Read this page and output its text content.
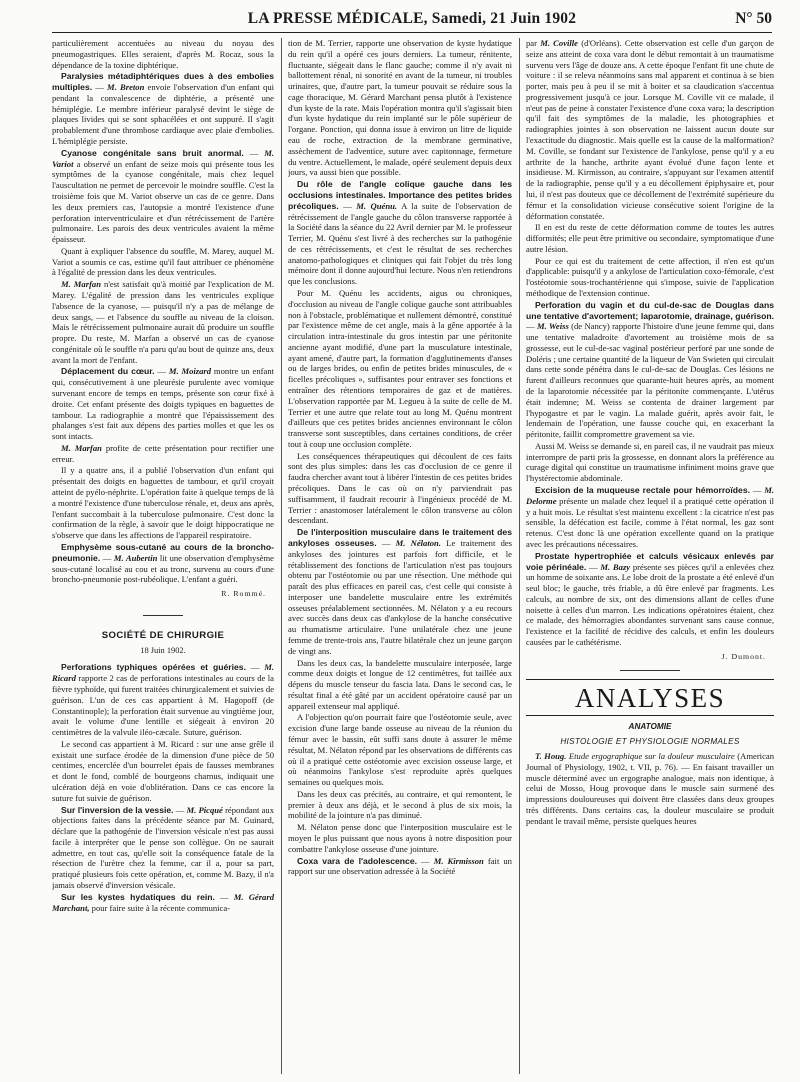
LA PRESSE MÉDICALE, Samedi, 21 Juin 1902	N° 50

particulièrement accentuées au niveau du noyau des pneumogastriques. Elles seraient, d'après M. Rocaz, sous la dépendance de la toxine diphtérique.

Paralysies métadiphtériques dues à des embolies multiples. — M. Breton envoie l'observation d'un enfant qui pendant la convalescence de diphtérie, a présenté une hémiplégie. Le membre inférieur paralysé devint le siège de plaques livides qui se sont sphacélées et ont suppuré. Il s'agit probablement d'une thrombose cardiaque avec plaie d'embolies. L'hémiplégie persiste.

Cyanose congénitale sans bruit anormal. — M. Variot a observé un enfant de seize mois qui présente tous les symptômes de la cyanose congénitale, mais chez lequel l'auscultation ne permet de percevoir le moindre souffle. C'est la troisième fois que M. Variot observe un cas de ce genre. Dans les deux premiers cas, l'autopsie a montré l'existence d'une perforation interventriculaire et d'un rétrécissement de l'artère pulmonaire. Les parois des deux ventricules avaient la même épaisseur.

Quant à expliquer l'absence du souffle, M. Marey, auquel M. Variot a soumis ce cas, estime qu'il faut attribuer ce phénomène à l'égalité de pression dans les deux ventricules.

M. Marfan n'est satisfait qu'à moitié par l'explication de M. Marey. L'égalité de pression dans les ventricules explique l'absence de la cyanose, — puisqu'il n'y a pas de mélange de deux sangs, — et l'absence du souffle au niveau de la cloison. Mais le rétrécissement pulmonaire aurait dû produire un souffle propre. Du reste, M. Marfan a observé un cas de cyanose congénitale où le souffle n'a paru qu'au bout de quinze ans, deux avant la mort de l'enfant.

Déplacement du cœur. — M. Moizard montre un enfant qui, consécutivement à une pleurésie purulente avec vomique survenant encore de temps en temps, présente son cœur fixé à droite. Cet enfant présente des doigts typiques en baguettes de tambour. La radiographie a montré que l'épaississement des phalanges s'est fait aux dépens des parties molles et que les os sont intacts.

M. Marfan profite de cette présentation pour rectifier une erreur.

Il y a quatre ans, il a publié l'observation d'un enfant qui présentait des doigts en baguettes de tambour, et qu'il croyait atteint de pyélo-néphrite. L'opération faite à quelque temps de là a montré l'existence d'une tuberculose rénale, et, deux ans après, l'enfant succombait à la tuberculose pulmonaire. C'est donc la confirmation de la règle, à savoir que le doigt hippocratique ne s'observe que dans les affections de l'appareil respiratoire.

Emphysème sous-cutané au cours de la broncho-pneumonie. — M. Aubertin lit une observation d'emphysème sous-cutané localisé au cou et au tronc, survenu au cours d'une broncho-pneumonie post-rubéolique. L'enfant a guéri.

R. Rommé.
SOCIÉTÉ DE CHIRURGIE
18 Juin 1902.

Perforations typhiques opérées et guéries. — M. Ricard rapporte 2 cas de perforations intestinales au cours de la fièvre typhoïde, qui furent traitées chirurgicalement et suivies de guérison. L'un de ces cas appartient à M. Hagopoff (de Constantinople); la perforation était survenue au vingtième jour, avait le volume d'une lentille et siégeait à environ 20 centimètres de la valvule iléo-cæcale. Suture, guérison.

Le second cas appartient à M. Ricard : sur une anse grêle il existait une surface érodée de la dimension d'une pièce de 50 centimes, encerclée d'un bourrelet épais de fausses membranes et dont le fond, comblé de bourgeons charnus, indiquait une ulcération déjà en voie d'oblitération. Dans ce cas encore la suture fut suivie de guérison.

Sur l'inversion de la vessie. — M. Picqué répondant aux objections faites dans la précédente séance par M. Guinard, déclare que la pathogénie de l'inversion vésicale n'est pas aussi facile à interpréter que le pense son collègue. On ne saurait admettre, en tout cas, qu'elle soit la conséquence fatale de la résection de l'urètre chez la femme, car il a, pour sa part, pratiqué plusieurs fois cette opération, et, comme M. Bazy, il n'a jamais observé d'inversion vésicale.

Sur les kystes hydatiques du rein. — M. Gérard Marchant, pour faire suite à la récente communica-

tion de M. Terrier, rapporte une observation de kyste hydatique du rein qu'il a opéré ces jours derniers. La tumeur, rénitente, fluctuante, siégeait dans le flanc gauche; comme il n'y avait ni ballottement rénal, ni sonorité en avant de la tumeur, ni troubles urinaires, que, d'autre part, la tumeur pouvait se réduire sous la cage thoracique, M. Gérard Marchant pensa plutôt à l'existence d'un kyste de la rate. Mais l'opération montra qu'il s'agissait bien d'un kyste hydatique du rein implanté sur le pôle supérieur de l'organe. Ponction, qui donna issue à environ un litre de liquide eau de roche, extraction de la membrane germinative, assèchement de l'adventice, suture avec capitonnage, fermeture du ventre. Actuellement, le malade, opéré seulement depuis deux jours, va aussi bien que possible.

Du rôle de l'angle colique gauche dans les occlusions intestinales. Importance des petites brides précoliques. — M. Quénu. A la suite de l'observation de rétrécissement de l'angle gauche du côlon transverse rapportée à la Société dans la séance du 22 Avril dernier par M. le professeur Terrier, M. Quénu s'est livré à des recherches sur la pathogénie de ces rétrécissements, et c'est le résultat de ses recherches anatomo-pathologiques et cliniques qui fait l'objet du très long mémoire dont il donne aujourd'hui lecture. Nous n'en retiendrons que les conclusions.

Pour M. Quénu les accidents, aigus ou chroniques, d'occlusion au niveau de l'angle colique gauche sont attribuables non à l'obstacle, problématique et nullement démontré, constitué par l'existence même de cet angle, mais à la gêne apportée à la circulation intra-intestinale du gros intestin par une péritonite ancienne ayant modifié, d'une part la musculature intestinale, ayant amené, d'autre part, la formation d'agglutinements d'anses ou de larges brides, ou enfin de petites brides minuscules, de « ficelles précoliques », suffisantes pour entraver ses fonctions et entraîner des rétentions temporaires de gaz et de matières. L'observation rapportée par M. Legueu à la suite de celle de M. Terrier et une autre que relate tout au long M. Quénu montrent d'ailleurs que ces petites brides anciennes environnant le côlon transverse sont susceptibles, dans certaines conditions, de créer tout à coup une occlusion complète.

Les conséquences thérapeutiques qui découlent de ces faits sont des plus simples: dans les cas d'occlusion de ce genre il faudra chercher avant tout à libérer l'intestin de ces petites brides précoliques. Dans le cas où on n'y parviendrait pas suffisamment, il faudrait recourir à l'ingénieux procédé de M. Terrier : anastomoser latéralement le côlon transverse au côlon descendant.

De l'interposition musculaire dans le traitement des ankyloses osseuses. — M. Nélaton. Le traitement des ankyloses des jointures est parfois fort difficile, et le rétablissement des fonctions de l'articulation n'est pas toujours obtenu par l'ostéotomie ou par une résection. Une méthode qui paraît des plus efficaces en pareil cas, c'est celle qui consiste à interposer une bandelette musculaire entre les extrémités osseuses préalablement sectionnées. M. Nélaton y a eu recours avec succès dans deux cas d'ankylose de la hanche consécutive au rhumatisme articulaire. l'une unilatérale chez une jeune femme de trente-trois ans, l'autre bilatérale chez un jeune garçon de vingt ans.

Dans les deux cas, la bandelette musculaire interposée, large comme deux doigts et longue de 12 centimètres, fut taillée aux dépens du muscle tenseur du fascia lata. Dans le second cas, le résultat final a été gâté par un accident opératoire causé par un appareil extenseur mal appliqué.

A l'objection qu'on pourrait faire que l'ostéotomie seule, avec excision d'une large bande osseuse au niveau de la réunion du fémur avec le bassin, eût suffi sans doute à assurer le même résultat, M. Nélaton répond par les observations de différents cas où il a pratiqué cette ostéotomie avec excision osseuse large, et où néanmoins l'ankylose s'est reproduite après quelques semaines ou quelques mois.

Dans les deux cas précités, au contraire, et qui remontent, le premier à deux ans déjà, et le second à plus de six mois, la mobilité de la jointure n'a pas diminué.

M. Nélaton pense donc que l'interposition musculaire est le moyen le plus puissant que nous ayons à notre disposition pour combattre l'ankylose osseuse d'une jointure.

Coxa vara de l'adolescence. — M. Kirmisson fait un rapport sur une observation adressée à la Société

par M. Coville (d'Orléans). Cette observation est celle d'un garçon de seize ans atteint de coxa vara dont le début remontait à un traumatisme survenu vers l'âge de douze ans. A cette époque l'enfant fit une chute de voiture : il se releva néanmoins sans mal apparent et continua à se bien porter, mais peu à peu il se mit à boiter et sa claudication s'accentua progressivement jusqu'à ce jour. Lorsque M. Coville vit ce malade, il n'eut pas de peine à constater l'existence d'une coxa vara; la description qu'il fait des symptômes de la maladie, les photographies et radiographies jointes à son observation ne laissent aucun doute sur l'exactitude du diagnostic. Mais quelle est la cause de la malformation? M. Coville, se fondant sur l'existence de l'ankylose, pense qu'il y a eu arthrite de la hanche, arthrite ayant évolué d'une façon lente et insidieuse. M. Kirmisson, au contraire, s'appuyant sur l'examen attentif de la radiographie, pense qu'il y a eu décollement épiphysaire et, pour lui, il n'est pas douteux que ce décollement de l'extrémité supérieure du fémur et la consolidation vicieuse consécutive soient l'origine de la déformation constatée.

Il en est du reste de cette déformation comme de toutes les autres difformités; elle peut être primitive ou secondaire, symptomatique d'une autre lésion.

Pour ce qui est du traitement de cette affection, il n'en est qu'un d'applicable: puisqu'il y a ankylose de l'articulation coxo-fémorale, c'est l'ostéotomie sous-trochantérienne qui s'impose, suivie de l'application méthodique de l'extension continue.

Perforation du vagin et du cul-de-sac de Douglas dans une tentative d'avortement; laparotomie, drainage, guérison. — M. Weiss (de Nancy) rapporte l'histoire d'une jeune femme qui, dans une tentative maladroite d'avortement au troisième mois de sa grossesse, eut le cul-de-sac vaginal postérieur perforé par une sonde de Doléris ; une certaine quantité de la liqueur de Van Swieten qui circulait dans cette sonde pénétra dans le cul-de-sac de Douglas. Ces lésions ne furent d'ailleurs reconnues que quarante-huit heures après, au moment de la laparotomie nécessitée par la péritonite commençante. L'utérus était indemne; M. Weiss se contenta de drainer largement par l'hypogastre et par le vagin. La malade guérit, après avoir fait, le lendemain de l'opération, une fausse couche qui, en exacerbant la péritonite, faillit compromettre gravement sa vie.

Aussi M. Weiss se demande si, en pareil cas, il ne vaudrait pas mieux interrompre de parti pris la grossesse, en donnant alors la préférence au curage digital qui constitue un traumatisme infiniment moins grave que l'hystérectomie abdominale.

Excision de la muqueuse rectale pour hémorroïdes. — M. Delorme présente un malade chez lequel il a pratiqué cette opération il y a huit mois. Le résultat s'est maintenu excellent : la cicatrice n'est pas sensible, la défécation est facile, comme à l'état normal, les gaz sont retenus. C'est donc là une opération excellente quand on la pratique avec les précautions nécessaires.

Prostate hypertrophiée et calculs vésicaux enlevés par voie périnéale. — M. Bazy présente ses pièces qu'il a enlevées chez un homme de soixante ans. Le lobe droit de la prostate a été enlevé d'un seul bloc; le gauche, très friable, a dû être enlevé par fragments. Les calculs, au nombre de six, ont des dimensions allant de celles d'une noisette à celles d'un marron. Les indications opératoires étaient, chez ce malade, des hémorragies abondantes survenant sans cause connue, l'existence et la facilité de récidive des calculs, et enfin les douleurs causées par le cathétérisme.

J. Dumont.
ANALYSES
ANATOMIE
HISTOLOGIE ET PHYSIOLOGIE NORMALES

T. Houg. Etude ergographique sur la douleur musculaire (American Journal of Physiology, 1902, t. VII, p. 76). — En faisant travailler un muscle déterminé avec un ergographe analogue, mais non identique, à celui de Mosso, Houg provoque dans le muscle sain surmené des impressions douloureuses qui doivent être classées dans deux groupes très différents. Dans certains cas, la douleur musculaire se produit pendant le travail même, persiste quelques heures
